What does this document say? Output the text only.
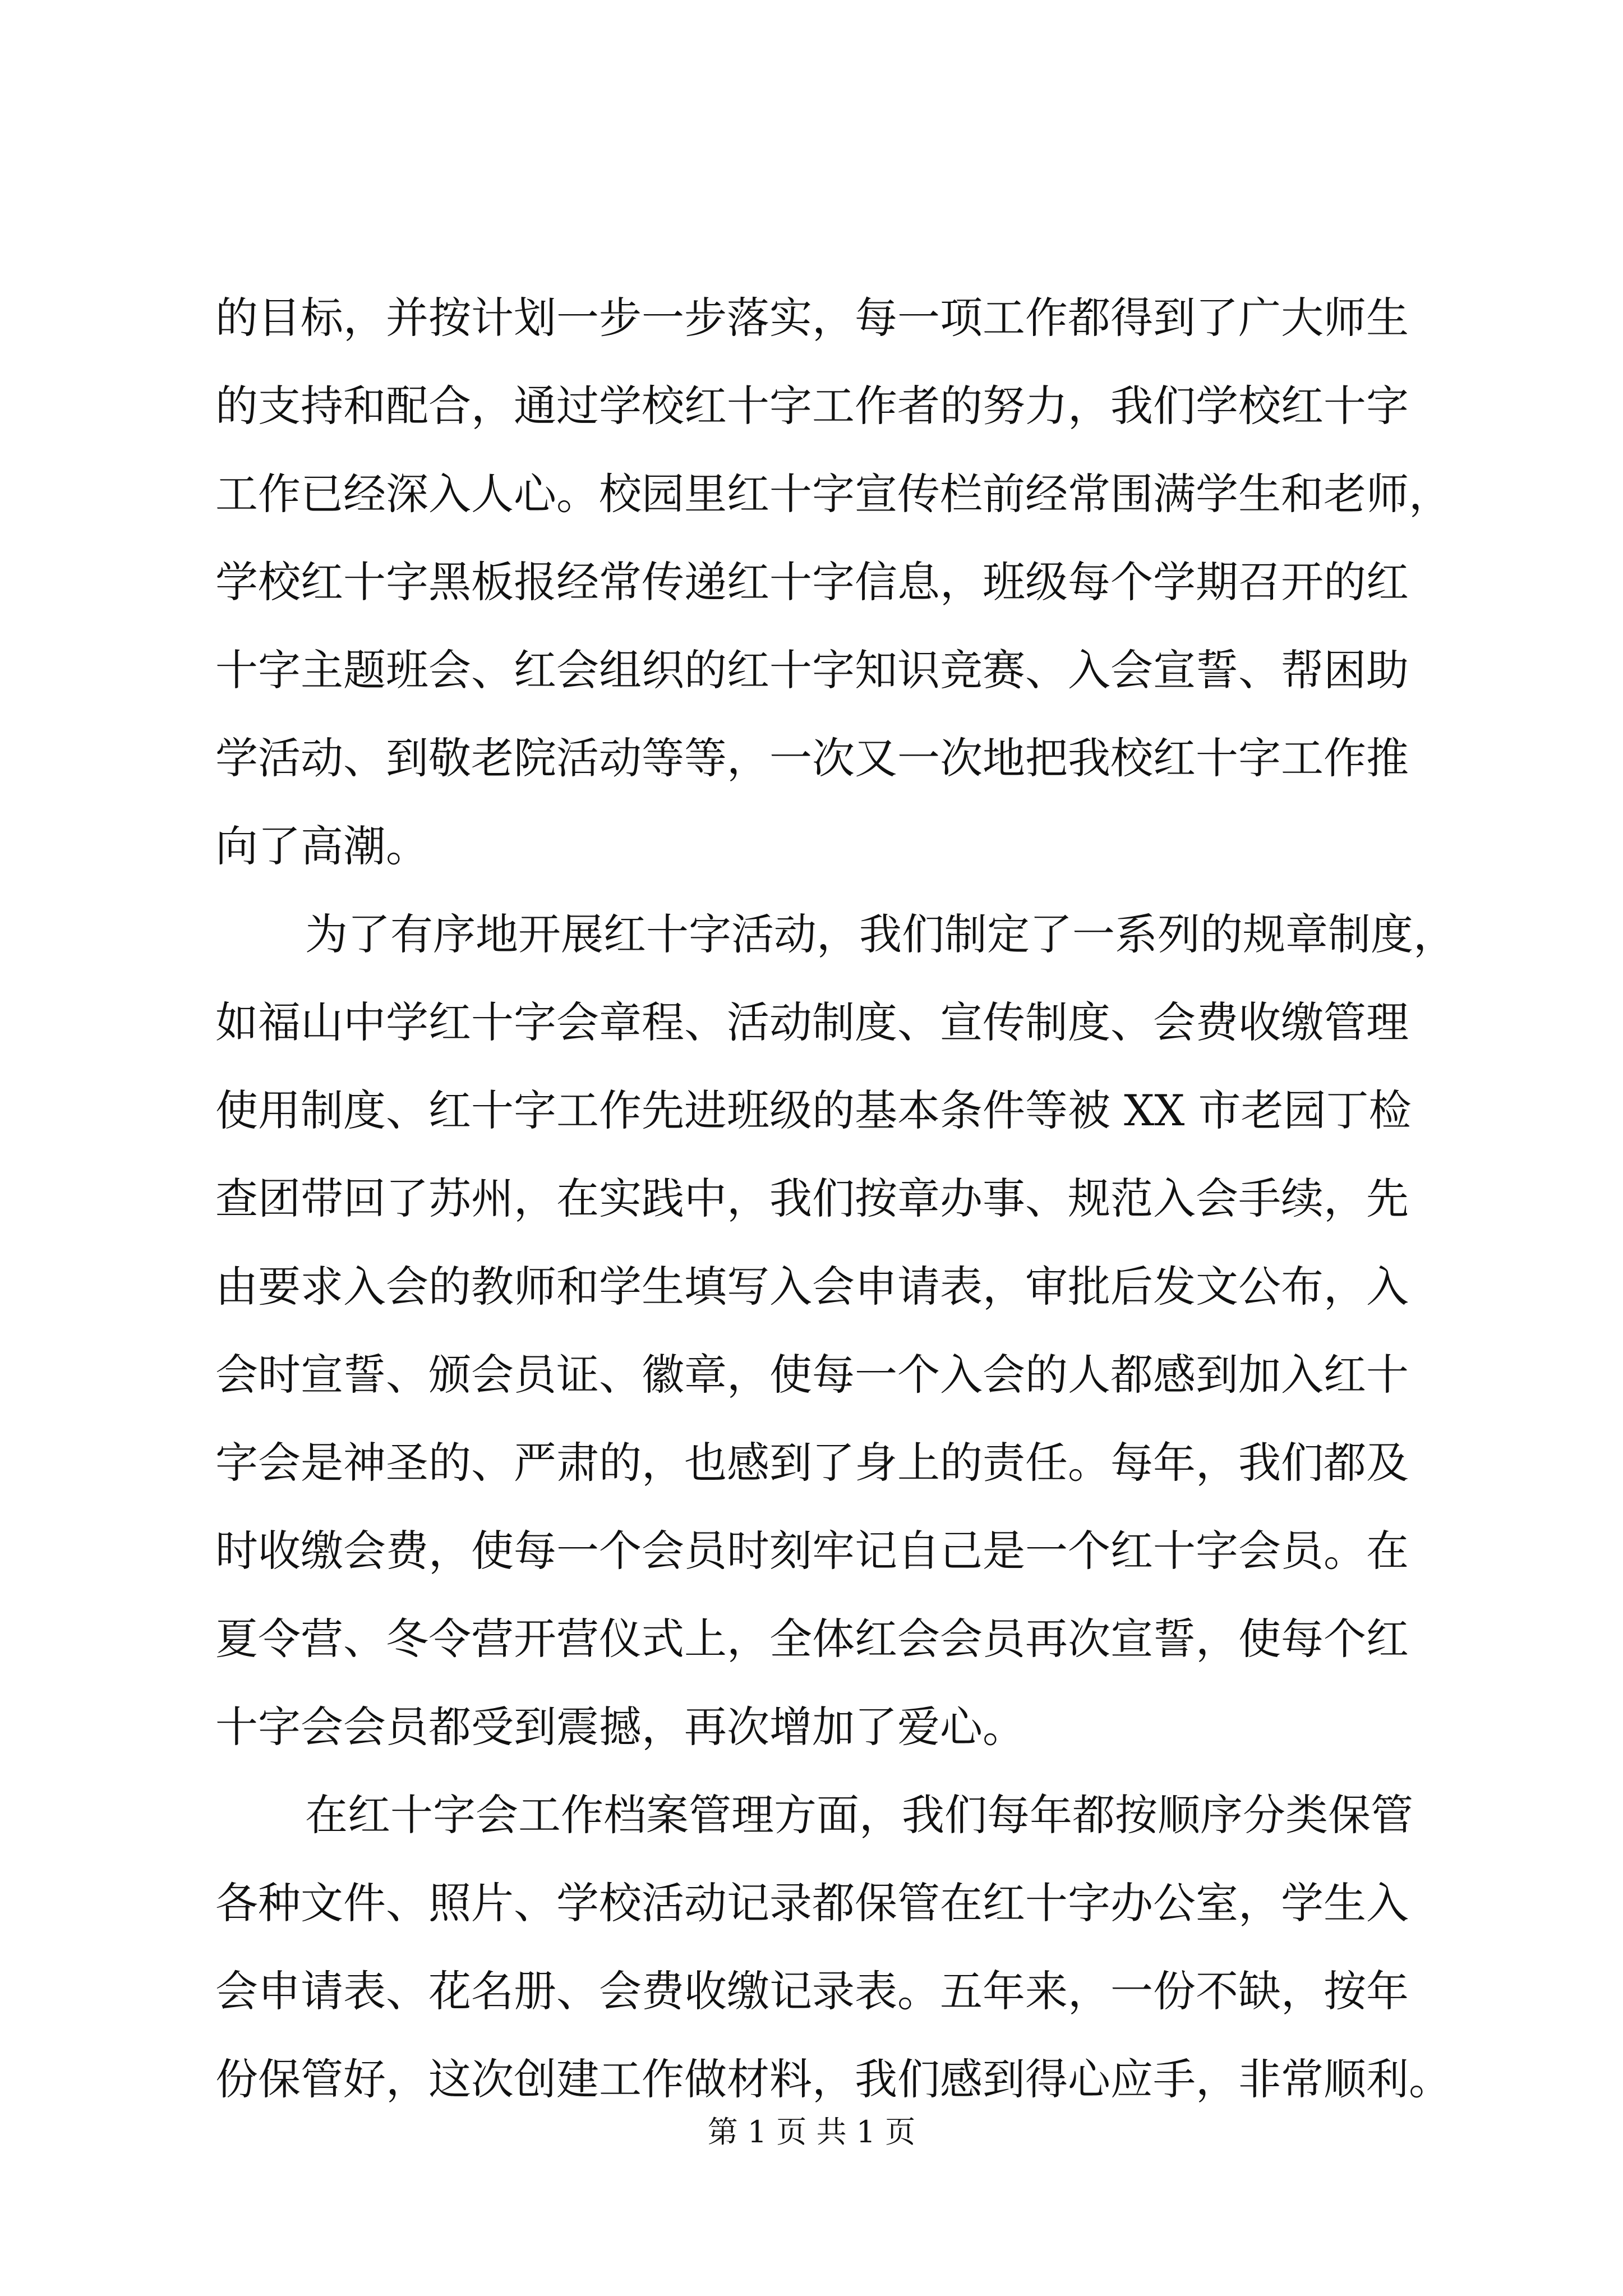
的目标，并按计划一步一步落实，每一项工作都得到了广大师生
的支持和配合，通过学校红十字工作者的努力，我们学校红十字
工作已经深入人心。校园里红十字宣传栏前经常围满学生和老师，
学校红十字黑板报经常传递红十字信息，班级每个学期召开的红
十字主题班会、红会组织的红十字知识竞赛、入会宣誓、帮困助
学活动、到敬老院活动等等，一次又一次地把我校红十字工作推
向了高潮。
为了有序地开展红十字活动，我们制定了一系列的规章制度，
如福山中学红十字会章程、活动制度、宣传制度、会费收缴管理
使用制度、红十字工作先进班级的基本条件等被 XX 市老园丁检
查团带回了苏州，在实践中，我们按章办事、规范入会手续，先
由要求入会的教师和学生填写入会申请表，审批后发文公布，入
会时宣誓、颁会员证、徽章，使每一个入会的人都感到加入红十
字会是神圣的、严肃的，也感到了身上的责任。每年，我们都及
时收缴会费，使每一个会员时刻牢记自己是一个红十字会员。在
夏令营、冬令营开营仪式上，全体红会会员再次宣誓，使每个红
十字会会员都受到震撼，再次增加了爱心。
在红十字会工作档案管理方面，我们每年都按顺序分类保管
各种文件、照片、学校活动记录都保管在红十字办公室，学生入
会申请表、花名册、会费收缴记录表。五年来，一份不缺，按年
份保管好，这次创建工作做材料，我们感到得心应手，非常顺利。
第 1 页 共 1 页
